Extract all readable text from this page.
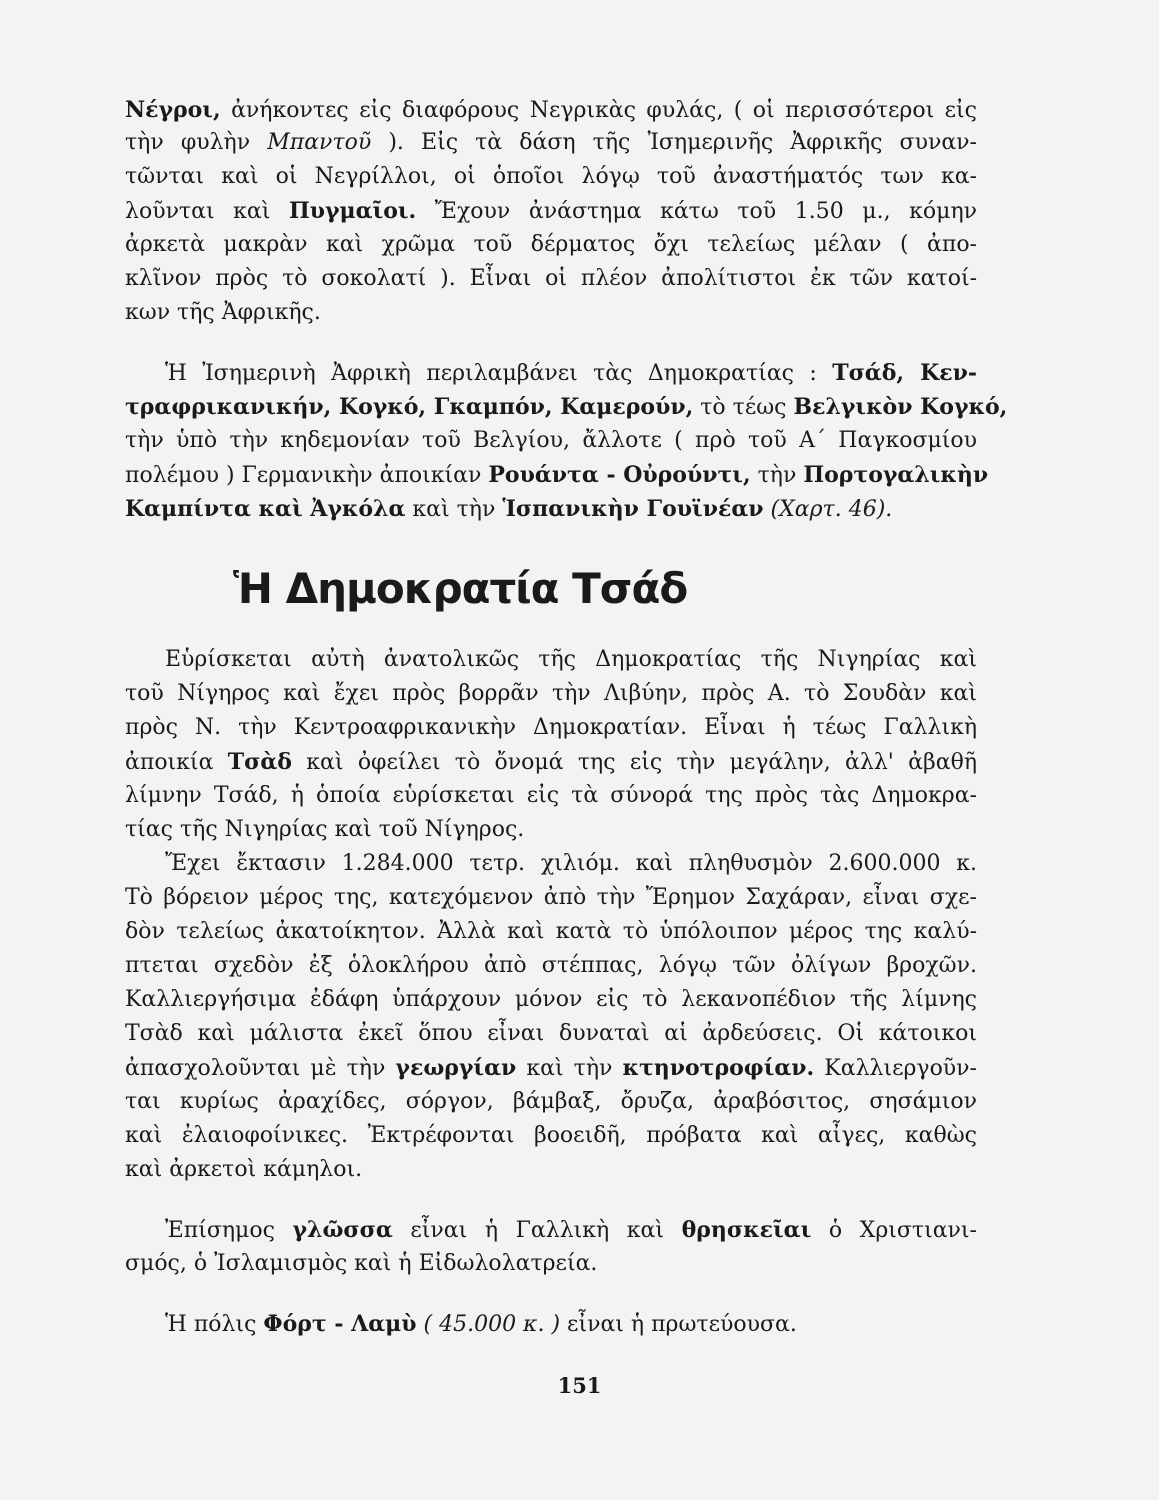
Νέγροι, ἀνήκοντες εἰς διαφόρους Νεγρικὰς φυλάς, ( οἱ περισσότεροι εἰς
τὴν φυλὴν Μπαντοῦ ). Εἰς τὰ δάση τῆς Ἰσημερινῆς Ἀφρικῆς συναν-
τῶνται καὶ οἱ Νεγρίλλοι, οἱ ὁποῖοι λόγῳ τοῦ ἀναστήματός των κα-
λοῦνται καὶ Πυγμαῖοι. Ἔχουν ἀνάστημα κάτω τοῦ 1.50 μ., κόμην
ἀρκετὰ μακρὰν καὶ χρῶμα τοῦ δέρματος ὄχι τελείως μέλαν ( ἀπο-
κλῖνον πρὸς τὸ σοκολατί ). Εἶναι οἱ πλέον ἀπολίτιστοι ἐκ τῶν κατοί-
κων τῆς Ἀφρικῆς.
Ἡ Ἰσημερινὴ Ἀφρικὴ περιλαμβάνει τὰς Δημοκρατίας : Τσάδ, Κεν-
τραφρικανικήν, Κογκό, Γκαμπόν, Καμερούν, τὸ τέως Βελγικὸν Κογκό,
τὴν ὑπὸ τὴν κηδεμονίαν τοῦ Βελγίου, ἄλλοτε ( πρὸ τοῦ Α΄ Παγκοσμίου
πολέμου ) Γερμανικὴν ἀποικίαν Ρουάντα - Οὐρούντι, τὴν Πορτογαλικὴν
Καμπίντα καὶ Ἀγκόλα καὶ τὴν Ἱσπανικὴν Γουϊνέαν (Χαρτ. 46).
Εὑρίσκεται αὐτὴ ἀνατολικῶς τῆς Δημοκρατίας τῆς Νιγηρίας καὶ
τοῦ Νίγηρος καὶ ἔχει πρὸς βορρᾶν τὴν Λιβύην, πρὸς Α. τὸ Σουδὰν καὶ
πρὸς Ν. τὴν Κεντροαφρικανικὴν Δημοκρατίαν. Εἶναι ἡ τέως Γαλλικὴ
ἀποικία Τσὰδ καὶ ὀφείλει τὸ ὄνομά της εἰς τὴν μεγάλην, ἀλλ' ἀβαθῆ
λίμνην Τσάδ, ἡ ὁποία εὑρίσκεται εἰς τὰ σύνορά της πρὸς τὰς Δημοκρα-
τίας τῆς Νιγηρίας καὶ τοῦ Νίγηρος.
Ἔχει ἔκτασιν 1.284.000 τετρ. χιλιόμ. καὶ πληθυσμὸν 2.600.000 κ.
Τὸ βόρειον μέρος της, κατεχόμενον ἀπὸ τὴν Ἔρημον Σαχάραν, εἶναι σχε-
δὸν τελείως ἀκατοίκητον. Ἀλλὰ καὶ κατὰ τὸ ὑπόλοιπον μέρος της καλύ-
πτεται σχεδὸν ἐξ ὁλοκλήρου ἀπὸ στέππας, λόγῳ τῶν ὀλίγων βροχῶν.
Καλλιεργήσιμα ἐδάφη ὑπάρχουν μόνον εἰς τὸ λεκανοπέδιον τῆς λίμνης
Τσὰδ καὶ μάλιστα ἐκεῖ ὅπου εἶναι δυναταὶ αἱ ἀρδεύσεις. Οἱ κάτοικοι
ἀπασχολοῦνται μὲ τὴν γεωργίαν καὶ τὴν κτηνοτροφίαν. Καλλιεργοῦν-
ται κυρίως ἀραχίδες, σόργον, βάμβαξ, ὄρυζα, ἀραβόσιτος, σησάμιον
καὶ ἐλαιοφοίνικες. Ἐκτρέφονται βοοειδῆ, πρόβατα καὶ αἶγες, καθὼς
καὶ ἀρκετοὶ κάμηλοι.
Ἐπίσημος γλῶσσα εἶναι ἡ Γαλλικὴ καὶ θρησκεῖαι ὁ Χριστιανι-
σμός, ὁ Ἰσλαμισμὸς καὶ ἡ Εἰδωλολατρεία.
Ἡ πόλις Φόρτ - Λαμὺ ( 45.000 κ. ) εἶναι ἡ πρωτεύουσα.
Ἡ Δημοκρατία Τσάδ
151
